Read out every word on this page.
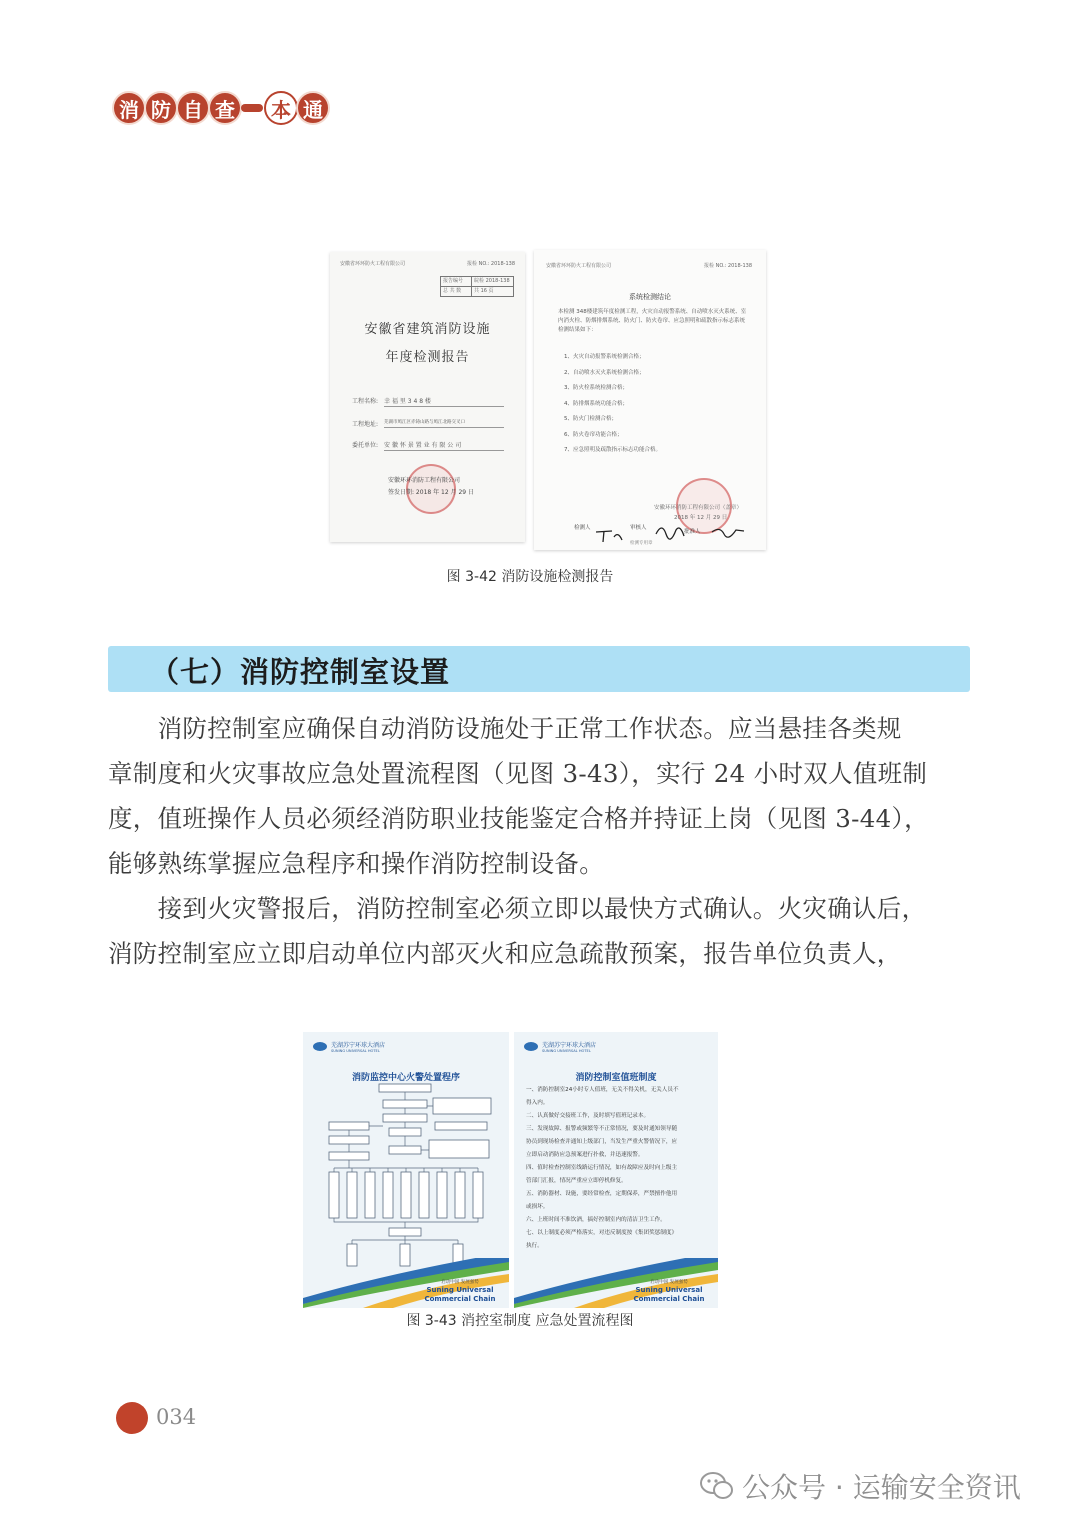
消 防 自 查	本 通
安徽省环环防火工程有限公司	报检 NO.: 2018-138
报告编号	皖检 2018-138
总 共 数	共 16 页
安徽省建筑消防设施
年度检测报告
工程名称: 幸 福 里 3 4 8 楼
工程地址: 芜湖市鸠江区赤铸山路与鸠江北路交叉口
委托单位: 安 徽 怀 景 置 业 有 限 公 司
安徽环环消防工程有限公司
签发日期: 2018 年 12 月 29 日
安徽省环环防火工程有限公司	报检 NO.: 2018-138
系统检测结论
本检测 348楼建筑年度检测工程，火灾自动报警系统、自动喷水灭火系统、室内消火栓、防烟排烟系统、防火门、防火卷帘、应急照明和疏散指示标志系统检测结果如下：
1、火灾自动报警系统检测合格；
2、自动喷水灭火系统检测合格；
3、防火栓系统检测合格；
4、防排烟系统功能合格；
5、防火门检测合格；
6、防火卷帘功能合格；
7、应急照明及疏散指示标志功能合格。
安徽环环消防工程有限公司（盖章）
2018 年 12 月 29 日
检测人	审核人
批准人
检测专用章
图 3-42 消防设施检测报告
（七）消防控制室设置
　　消防控制室应确保自动消防设施处于正常工作状态。应当悬挂各类规
章制度和火灾事故应急处置流程图（见图 3-43），实行 24 小时双人值班制
度，值班操作人员必须经消防职业技能鉴定合格并持证上岗（见图 3-44），
能够熟练掌握应急程序和操作消防控制设备。
　　接到火灾警报后，消防控制室必须立即以最快方式确认。火灾确认后，
消防控制室应立即启动单位内部灭火和应急疏散预案，报告单位负责人，
芜湖苏宁环球大酒店
SUNING UNIVERSAL HOTEL
消防监控中心火警处置程序
启动中国 发展强势
Suning Universal
Commercial Chain
芜湖苏宁环球大酒店
SUNING UNIVERSAL HOTEL
消防控制室值班制度
一、消防控制室24小时专人值班，无关不得关机，无关人员不
得入内。
二、认真做好交接班工作，及时填写值班记录本。
三、发现故障、报警或频繁等不正常情况，要及时通知领导随
协员到现场检查并通知上级部门，当发生严重火警情况下，应
立即启动消防应急预案进行扑救，并迅速报警。
四、值时检查控制室线路运行情况，如有故障应及时向上级主
管部门汇报，情况严重应立即停机修复。
五、消防器材、设施，要经常检查，定期保养，严禁擅作他用
或损坏。
六、上班时间不准饮酒，搞好控制室内的清洁卫生工作。
七、以上制度必须严格落实，对违反制度按《集团奖惩制度》
执行。
启动中国 发展强势
Suning Universal
Commercial Chain
图 3-43 消控室制度 应急处置流程图
034
公众号 · 运输安全资讯
